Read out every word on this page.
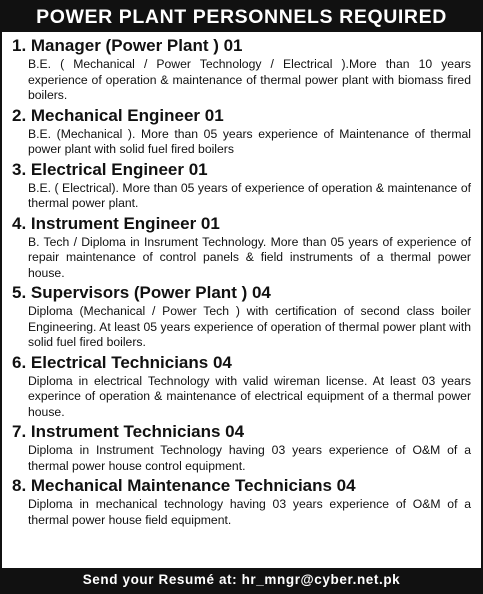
POWER PLANT PERSONNELS REQUIRED
1. Manager (Power Plant ) 01
B.E. ( Mechanical / Power Technology / Electrical ).More than 10 years experience of operation & maintenance of thermal power plant with biomass fired boilers.
2. Mechanical Engineer 01
B.E. (Mechanical ). More than 05 years experience of Maintenance of thermal power plant with solid fuel fired boilers
3. Electrical Engineer 01
B.E. ( Electrical). More than 05 years of experience of operation & maintenance of thermal power plant.
4. Instrument Engineer 01
B. Tech / Diploma in Insrument Technology. More than 05 years of experience of repair maintenance of control panels & field instruments of a thermal power house.
5. Supervisors (Power Plant ) 04
Diploma (Mechanical / Power Tech ) with certification of second class boiler Engineering. At least 05 years experience of operation of thermal power plant with solid fuel fired boilers.
6. Electrical Technicians 04
Diploma in electrical Technology with valid wireman license. At least 03 years experince of operation & maintenance of electrical equipment of a thermal power house.
7. Instrument Technicians 04
Diploma in Instrument Technology having 03 years experience of O&M of a thermal power house control equipment.
8. Mechanical Maintenance Technicians 04
Diploma in mechanical technology having 03 years experience of O&M of a thermal power house field equipment.
Send your Resumé at: hr_mngr@cyber.net.pk
